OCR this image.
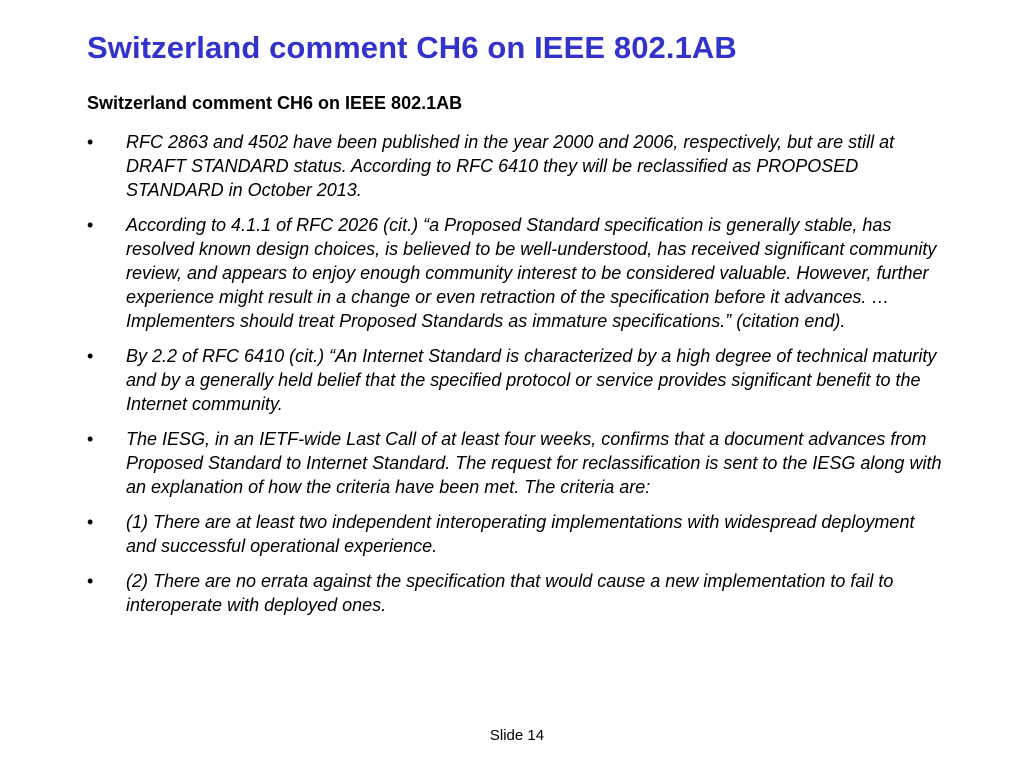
Switzerland comment CH6 on IEEE 802.1AB
Switzerland comment CH6 on IEEE 802.1AB
• RFC 2863 and 4502 have been published in the year 2000 and 2006, respectively, but are still at DRAFT STANDARD status. According to RFC 6410 they will be reclassified as PROPOSED STANDARD in October 2013.
• According to 4.1.1 of RFC 2026 (cit.) “a Proposed Standard specification is generally stable, has resolved known design choices, is believed to be well-understood, has received significant community review, and appears to enjoy enough community interest to be considered valuable. However, further experience might result in a change or even retraction of the specification before it advances. … Implementers should treat Proposed Standards as immature specifications.” (citation end).
• By 2.2 of RFC 6410 (cit.) “An Internet Standard is characterized by a high degree of technical maturity and by a generally held belief that the specified protocol or service provides significant benefit to the Internet community.
• The IESG, in an IETF-wide Last Call of at least four weeks, confirms that a document advances from Proposed Standard to Internet Standard. The request for reclassification is sent to the IESG along with an explanation of how the criteria have been met. The criteria are:
• (1) There are at least two independent interoperating implementations with widespread deployment and successful operational experience.
• (2) There are no errata against the specification that would cause a new implementation to fail to interoperate with deployed ones.
Slide 14
